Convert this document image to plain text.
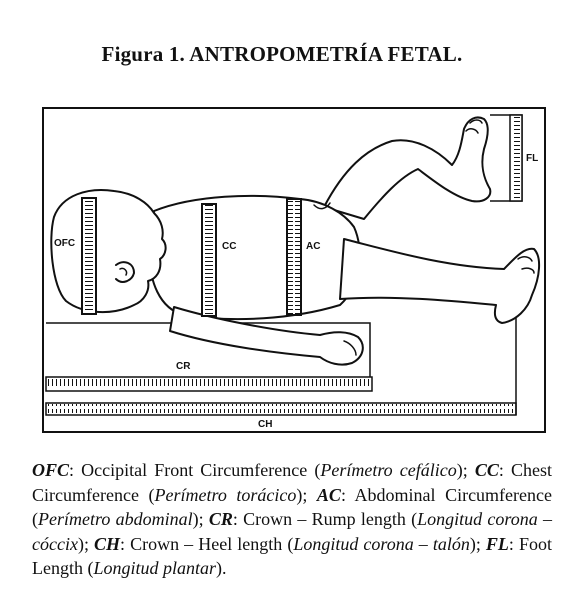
Figura 1. ANTROPOMETRÍA FETAL.
OFC	CC	AC
CR
CH
FL

OFC: Occipital Front Circumference (Perímetro cefálico); CC: Chest Circumference (Perímetro torácico); AC: Abdominal Circumference (Perímetro abdominal); CR: Crown – Rump length (Longitud corona – cóccix); CH: Crown – Heel length (Longitud corona – talón); FL: Foot Length (Longitud plantar).
